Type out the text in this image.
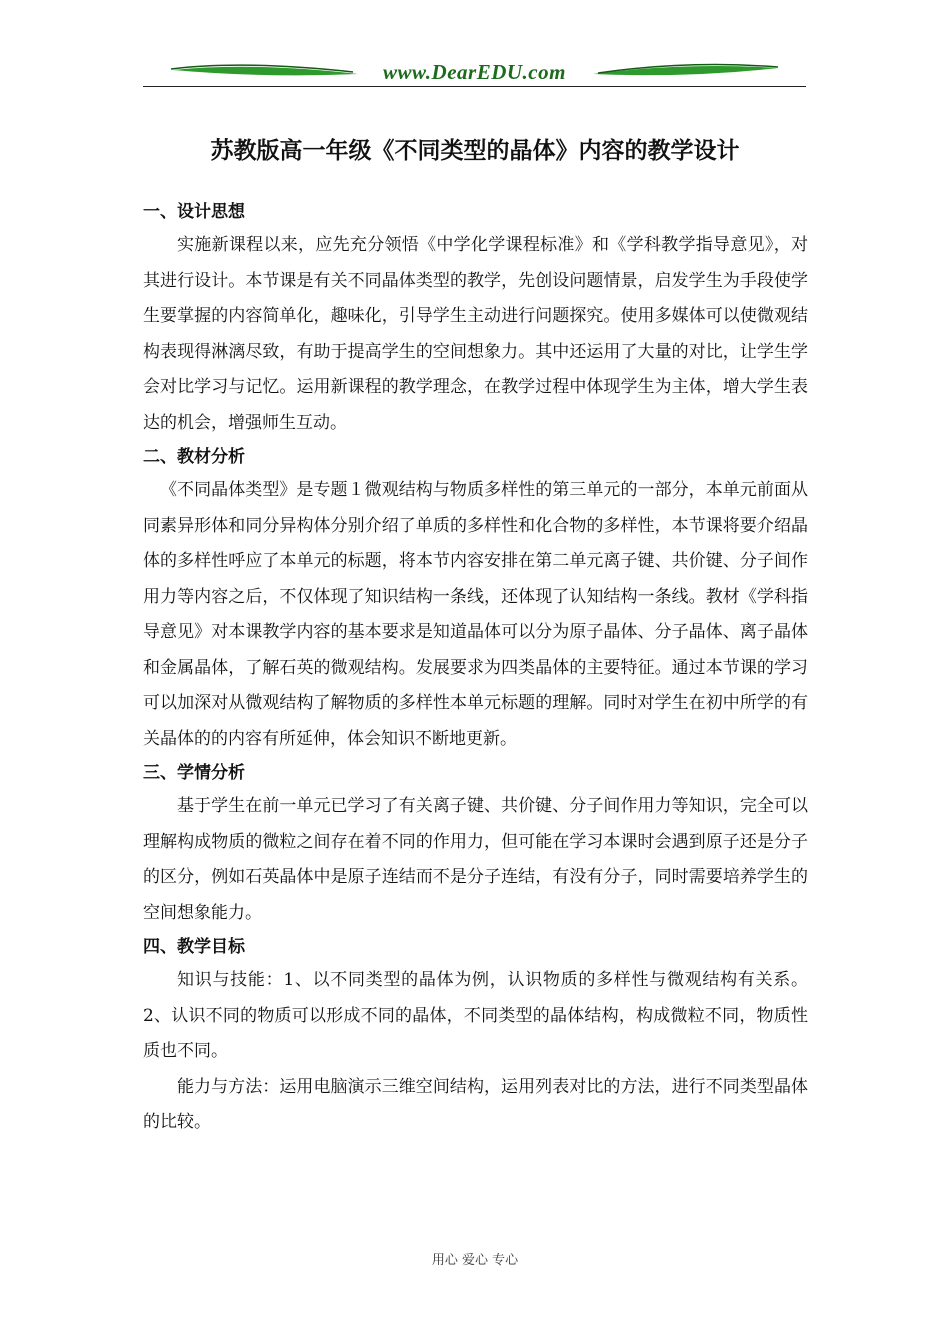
www.DearEDU.com
苏教版高一年级《不同类型的晶体》内容的教学设计
一、设计思想
实施新课程以来，应先充分领悟《中学化学课程标准》和《学科教学指导意见》，对其进行设计。本节课是有关不同晶体类型的教学，先创设问题情景，启发学生为手段使学生要掌握的内容简单化，趣味化，引导学生主动进行问题探究。使用多媒体可以使微观结构表现得淋漓尽致，有助于提高学生的空间想象力。其中还运用了大量的对比，让学生学会对比学习与记忆。运用新课程的教学理念，在教学过程中体现学生为主体，增大学生表达的机会，增强师生互动。
二、教材分析
《不同晶体类型》是专题１微观结构与物质多样性的第三单元的一部分，本单元前面从同素异形体和同分异构体分别介绍了单质的多样性和化合物的多样性，本节课将要介绍晶体的多样性呼应了本单元的标题，将本节内容安排在第二单元离子键、共价键、分子间作用力等内容之后，不仅体现了知识结构一条线，还体现了认知结构一条线。教材《学科指导意见》对本课教学内容的基本要求是知道晶体可以分为原子晶体、分子晶体、离子晶体和金属晶体，了解石英的微观结构。发展要求为四类晶体的主要特征。通过本节课的学习可以加深对从微观结构了解物质的多样性本单元标题的理解。同时对学生在初中所学的有关晶体的的内容有所延伸，体会知识不断地更新。
三、学情分析
基于学生在前一单元已学习了有关离子键、共价键、分子间作用力等知识，完全可以理解构成物质的微粒之间存在着不同的作用力，但可能在学习本课时会遇到原子还是分子的区分，例如石英晶体中是原子连结而不是分子连结，有没有分子，同时需要培养学生的空间想象能力。
四、教学目标
知识与技能：1、以不同类型的晶体为例，认识物质的多样性与微观结构有关系。2、认识不同的物质可以形成不同的晶体，不同类型的晶体结构，构成微粒不同，物质性质也不同。
能力与方法：运用电脑演示三维空间结构，运用列表对比的方法，进行不同类型晶体的比较。
用心 爱心 专心
